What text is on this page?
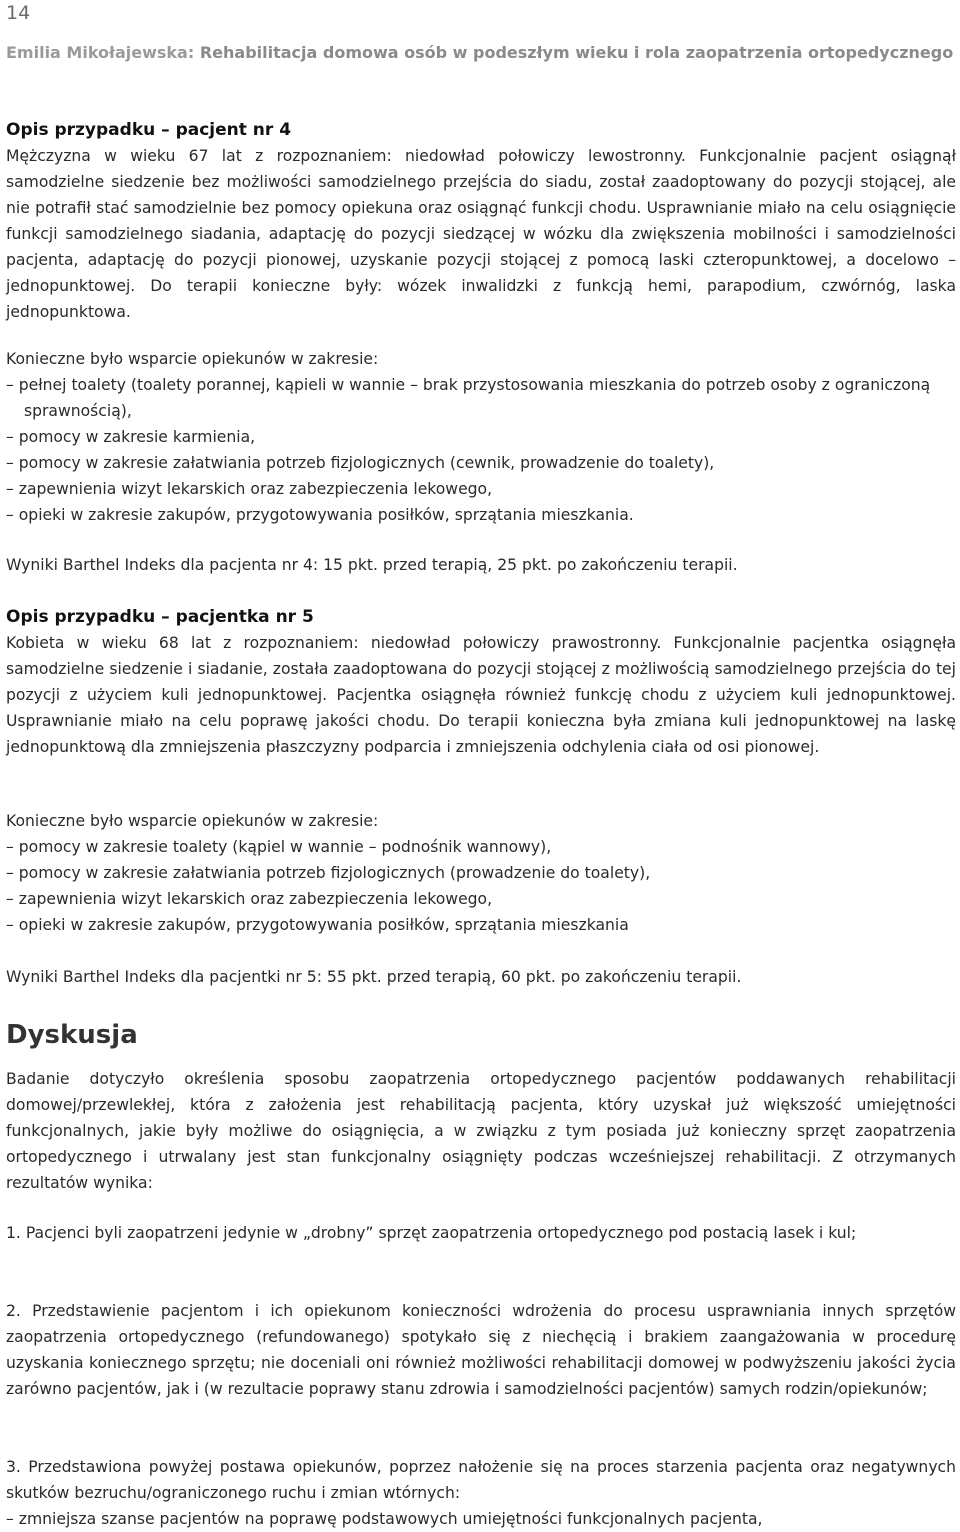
14
Emilia Mikołajewska: Rehabilitacja domowa osób w podeszłym wieku i rola zaopatrzenia ortopedycznego

Opis przypadku – pacjent nr 4

Mężczyzna w wieku 67 lat z rozpoznaniem: niedowład połowiczy lewostronny. Funkcjonalnie pacjent osiągnął samodzielne siedzenie bez możliwości samodzielnego przejścia do siadu, został zaadoptowany do pozycji stojącej, ale nie potrafił stać samodzielnie bez pomocy opiekuna oraz osiągnąć funkcji chodu. Usprawnianie miało na celu osiągnięcie funkcji samodzielnego siadania, adaptację do pozycji siedzącej w wózku dla zwiększenia mobilności i samodzielności pacjenta, adaptację do pozycji pionowej, uzyskanie pozycji stojącej z pomocą laski czteropunktowej, a docelowo – jednopunktowej. Do terapii konieczne były: wózek inwalidzki z funkcją hemi, parapodium, czwórnóg, laska jednopunktowa.

Konieczne było wsparcie opiekunów w zakresie:

– pełnej toalety (toalety porannej, kąpieli w wannie – brak przystosowania mieszkania do potrzeb osoby z ograniczoną sprawnością),
– pomocy w zakresie karmienia,
– pomocy w zakresie załatwiania potrzeb fizjologicznych (cewnik, prowadzenie do toalety),
– zapewnienia wizyt lekarskich oraz zabezpieczenia lekowego,
– opieki w zakresie zakupów, przygotowywania posiłków, sprzątania mieszkania.

Wyniki Barthel Indeks dla pacjenta nr 4: 15 pkt. przed terapią, 25 pkt. po zakończeniu terapii.

Opis przypadku – pacjentka nr 5

Kobieta w wieku 68 lat z rozpoznaniem: niedowład połowiczy prawostronny. Funkcjonalnie pacjentka osiągnęła samodzielne siedzenie i siadanie, została zaadoptowana do pozycji stojącej z możliwością samodzielnego przejścia do tej pozycji z użyciem kuli jednopunktowej. Pacjentka osiągnęła również funkcję chodu z użyciem kuli jednopunktowej. Usprawnianie miało na celu poprawę jakości chodu. Do terapii konieczna była zmiana kuli jednopunktowej na laskę jednopunktową dla zmniejszenia płaszczyzny podparcia i zmniejszenia odchylenia ciała od osi pionowej.

Konieczne było wsparcie opiekunów w zakresie:

– pomocy w zakresie toalety (kąpiel w wannie – podnośnik wannowy),
– pomocy w zakresie załatwiania potrzeb fizjologicznych (prowadzenie do toalety),
– zapewnienia wizyt lekarskich oraz zabezpieczenia lekowego,
– opieki w zakresie zakupów, przygotowywania posiłków, sprzątania mieszkania

Wyniki Barthel Indeks dla pacjentki nr 5: 55 pkt. przed terapią, 60 pkt. po zakończeniu terapii.

Dyskusja

Badanie dotyczyło określenia sposobu zaopatrzenia ortopedycznego pacjentów poddawanych rehabilitacji domowej/przewlekłej, która z założenia jest rehabilitacją pacjenta, który uzyskał już większość umiejętności funkcjonalnych, jakie były możliwe do osiągnięcia, a w związku z tym posiada już konieczny sprzęt zaopatrzenia ortopedycznego i utrwalany jest stan funkcjonalny osiągnięty podczas wcześniejszej rehabilitacji. Z otrzymanych rezultatów wynika:

1. Pacjenci byli zaopatrzeni jedynie w „drobny” sprzęt zaopatrzenia ortopedycznego pod postacią lasek i kul;

2. Przedstawienie pacjentom i ich opiekunom konieczności wdrożenia do procesu usprawniania innych sprzętów zaopatrzenia ortopedycznego (refundowanego) spotykało się z niechęcią i brakiem zaangażowania w procedurę uzyskania koniecznego sprzętu; nie doceniali oni również możliwości rehabilitacji domowej w podwyższeniu jakości życia zarówno pacjentów, jak i (w rezultacie poprawy stanu zdrowia i samodzielności pacjentów) samych rodzin/opiekunów;

3. Przedstawiona powyżej postawa opiekunów, poprzez nałożenie się na proces starzenia pacjenta oraz negatywnych skutków bezruchu/ograniczonego ruchu i zmian wtórnych:

– zmniejsza szanse pacjentów na poprawę podstawowych umiejętności funkcjonalnych pacjenta,
